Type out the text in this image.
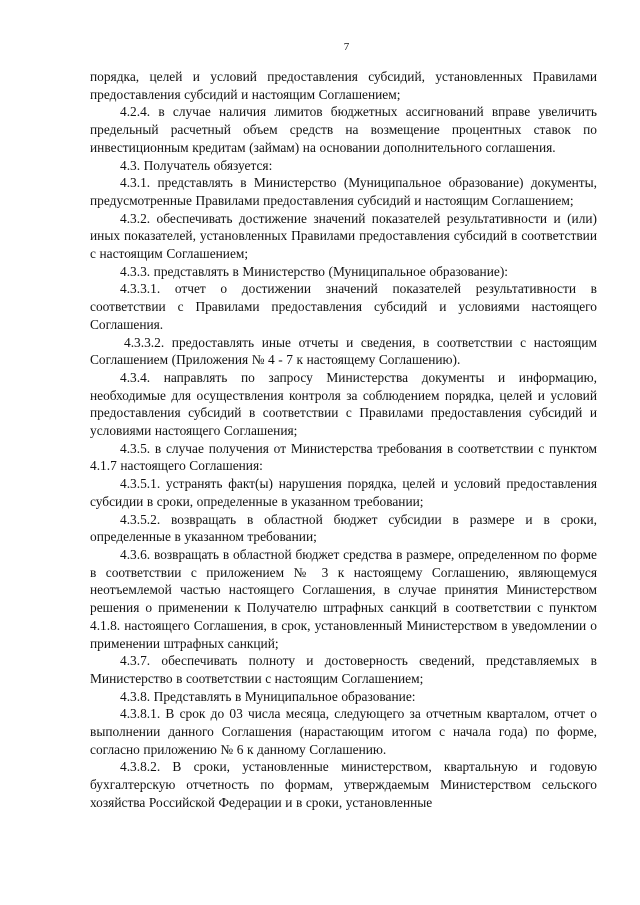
7

порядка, целей и условий предоставления субсидий, установленных Правилами предоставления субсидий и настоящим Соглашением;

4.2.4. в случае наличия лимитов бюджетных ассигнований вправе увеличить предельный расчетный объем средств на возмещение процентных ставок по инвестиционным кредитам (займам) на основании дополнительного соглашения.

4.3. Получатель обязуется:

4.3.1. представлять в Министерство (Муниципальное образование) документы, предусмотренные Правилами предоставления субсидий и настоящим Соглашением;

4.3.2. обеспечивать достижение значений показателей результативности и (или) иных показателей, установленных Правилами предоставления субсидий в соответствии с настоящим Соглашением;

4.3.3. представлять в Министерство (Муниципальное образование):

4.3.3.1. отчет о достижении значений показателей результативности в соответствии с Правилами предоставления субсидий и условиями настоящего Соглашения.

4.3.3.2. предоставлять иные отчеты и сведения, в соответствии с настоящим Соглашением (Приложения № 4 - 7 к настоящему Соглашению).

4.3.4. направлять по запросу Министерства документы и информацию, необходимые для осуществления контроля за соблюдением порядка, целей и условий предоставления субсидий в соответствии с Правилами предоставления субсидий и условиями настоящего Соглашения;

4.3.5. в случае получения от Министерства требования в соответствии с пунктом 4.1.7 настоящего Соглашения:

4.3.5.1. устранять факт(ы) нарушения порядка, целей и условий предоставления субсидии в сроки, определенные в указанном требовании;

4.3.5.2. возвращать в областной бюджет субсидии в размере и в сроки, определенные в указанном требовании;

4.3.6. возвращать в областной бюджет средства в размере, определенном по форме в соответствии с приложением № 3 к настоящему Соглашению, являющемуся неотъемлемой частью настоящего Соглашения, в случае принятия Министерством решения о применении к Получателю штрафных санкций в соответствии с пунктом 4.1.8. настоящего Соглашения, в срок, установленный Министерством в уведомлении о применении штрафных санкций;

4.3.7. обеспечивать полноту и достоверность сведений, представляемых в Министерство в соответствии с настоящим Соглашением;

4.3.8. Представлять в Муниципальное образование:

4.3.8.1. В срок до 03 числа месяца, следующего за отчетным кварталом, отчет о выполнении данного Соглашения (нарастающим итогом с начала года) по форме, согласно приложению № 6 к данному Соглашению.

4.3.8.2. В сроки, установленные министерством, квартальную и годовую бухгалтерскую отчетность по формам, утверждаемым Министерством сельского хозяйства Российской Федерации и в сроки, установленные
